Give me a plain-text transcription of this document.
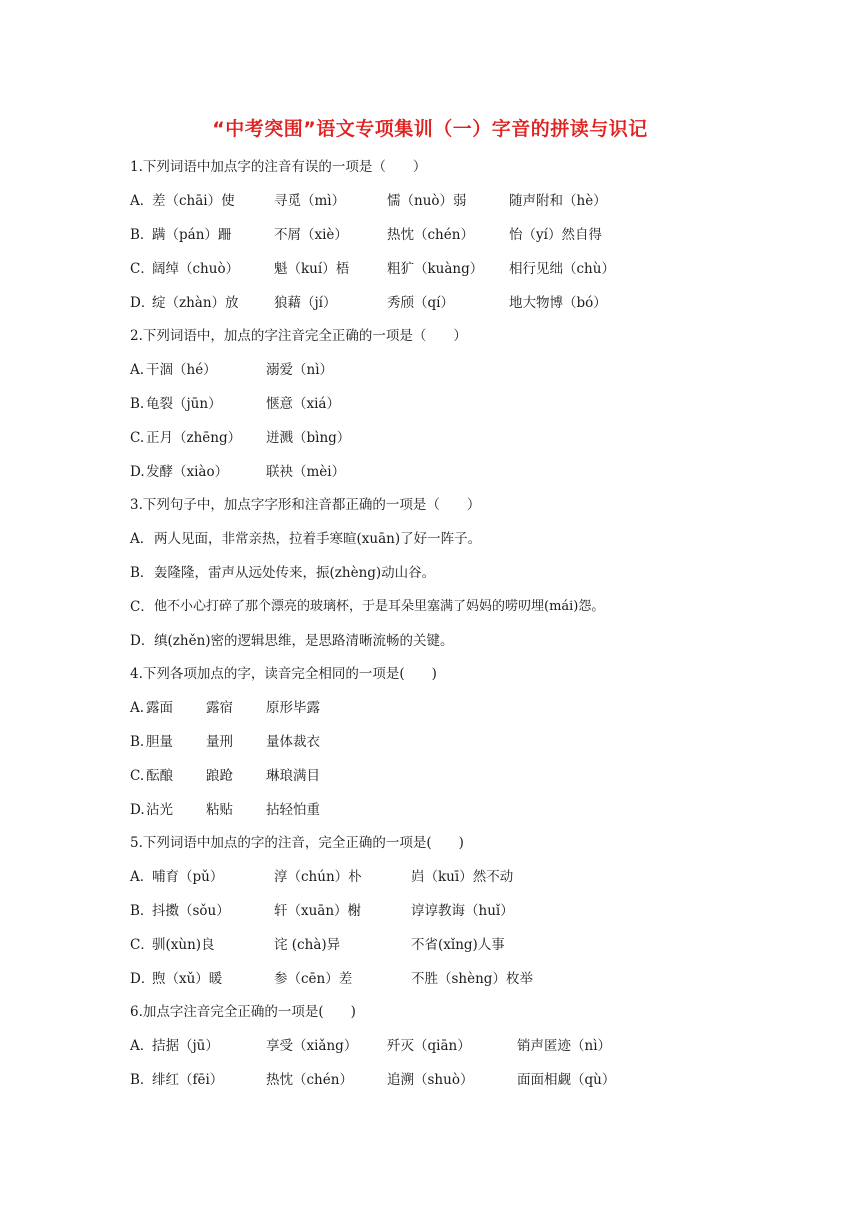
“中考突围”语文专项集训（一）字音的拼读与识记
1.下列词语中加点字的注音有误的一项是（　　）
A．
差（chāi）使	寻觅（mì）	懦（nuò）弱	随声附和（hè）
B．
蹒（pán）跚	不屑（xiè）	热忱（chén）	怡（yí）然自得
C．
阔绰（chuò）	魁（kuí）梧	粗犷（kuàng） 相行见绌（chù）
D．
绽（zhàn）放	狼藉（jí）	秀颀（qí）	地大物博（bó）
2.下列词语中，加点的字注音完全正确的一项是（　　）
A. 干涸（hé）	溺爱（nì）
B. 龟裂（jūn）	惬意（xiá）
C. 正月（zhēng） 迸溅（bìng）
D. 发酵（xiào）	联袂（mèi）
3.下列句子中，加点字字形和注音都正确的一项是（　　）
A． 两人见面，非常亲热，拉着手寒暄(xuān)了好一阵子。
B． 轰隆隆，雷声从远处传来，振(zhèng)动山谷。
C． 他不小心打碎了那个漂亮的玻璃杯，于是耳朵里塞满了妈妈的唠叨埋(mái)怨。
D． 缜(zhěn)密的逻辑思维，是思路清晰流畅的关键。
4.下列各项加点的字，读音完全相同的一项是(　　)
A. 露面 露宿 原形毕露
B. 胆量 量刑 量体裁衣
C. 酝酿 踉跄 琳琅满目
D. 沾光 粘贴 拈轻怕重
5.下列词语中加点的字的注音，完全正确的一项是(　　)
A．
哺育（pǔ）	淳（chún）朴	岿（kuī）然不动
B．
抖擞（sǒu）	轩（xuān）榭	谆谆教诲（huǐ）
C．
驯(xùn)良	诧 (chà)异	不省(xǐng)人事
D．
煦（xǔ）暖	参（cēn）差	不胜（shèng）枚举
6.加点字注音完全正确的一项是(　　)
A．
拮据（jū）	享受（xiǎng） 歼灭（qiān）	销声匿迹（nì）
B．
绯红（fēi）	热忱（chén）	追溯（shuò）	面面相觑（qù）
